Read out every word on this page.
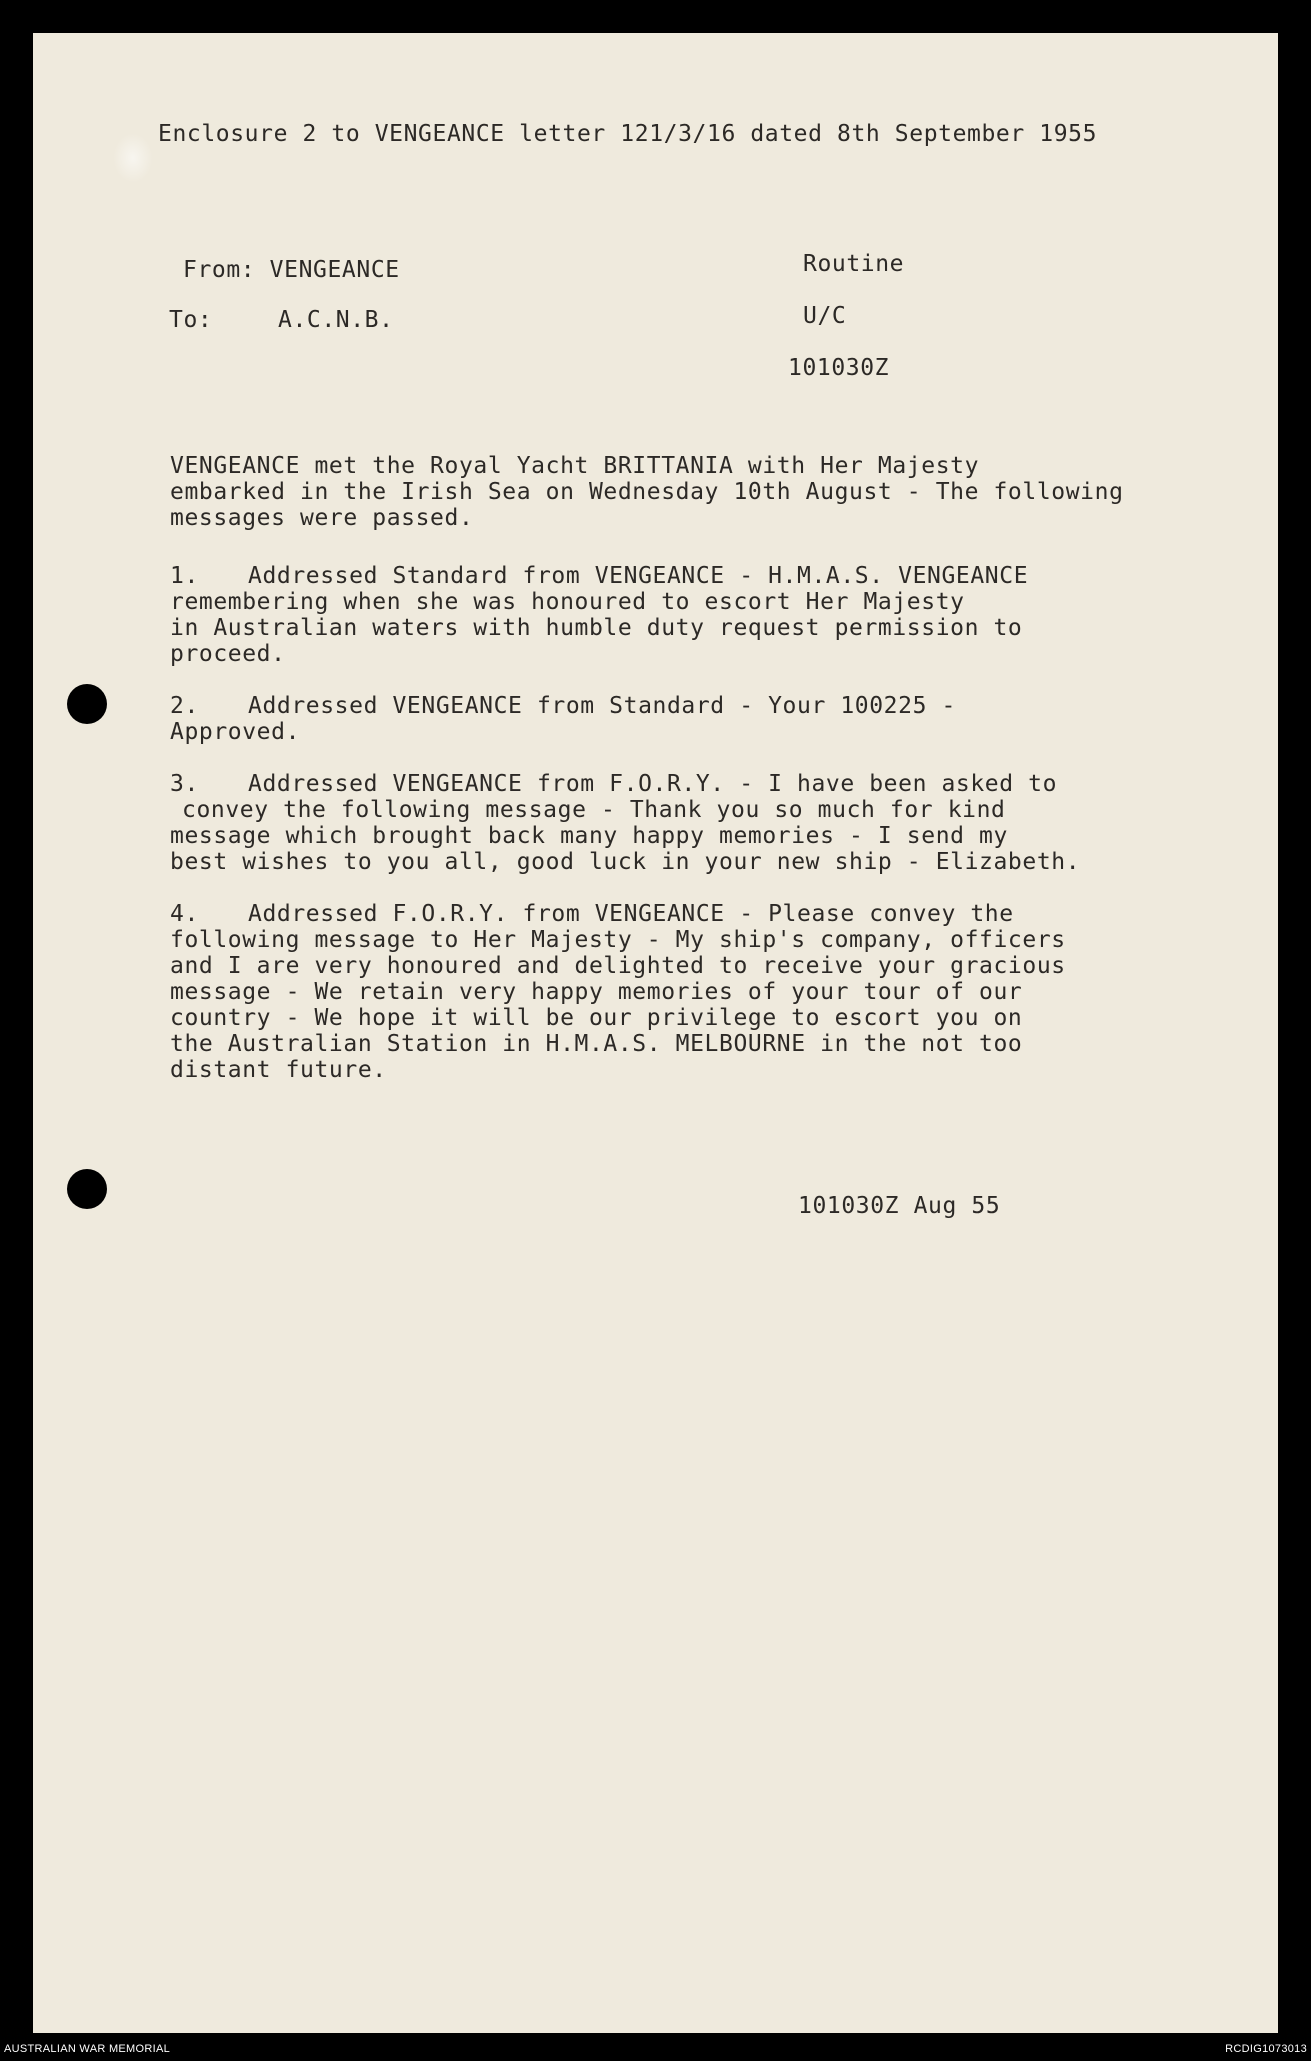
Enclosure 2 to VENGEANCE letter 121/3/16 dated 8th September 1955
From: VENGEANCE
To:	A.C.N.B.
Routine
U/C
101030Z
VENGEANCE met the Royal Yacht BRITTANIA with Her Majesty
embarked in the Irish Sea on Wednesday 10th August - The following
messages were passed.
1. Addressed Standard from VENGEANCE - H.M.A.S. VENGEANCE
remembering when she was honoured to escort Her Majesty
in Australian waters with humble duty request permission to
proceed.
2. Addressed VENGEANCE from Standard - Your 100225 -
Approved.
3. Addressed VENGEANCE from F.O.R.Y. - I have been asked to
convey the following message - Thank you so much for kind
message which brought back many happy memories - I send my
best wishes to you all, good luck in your new ship - Elizabeth.
4. Addressed F.O.R.Y. from VENGEANCE - Please convey the
following message to Her Majesty - My ship's company, officers
and I are very honoured and delighted to receive your gracious
message - We retain very happy memories of your tour of our
country - We hope it will be our privilege to escort you on
the Australian Station in H.M.A.S. MELBOURNE in the not too
distant future.
101030Z Aug 55
AUSTRALIAN WAR MEMORIAL	RCDIG1073013
